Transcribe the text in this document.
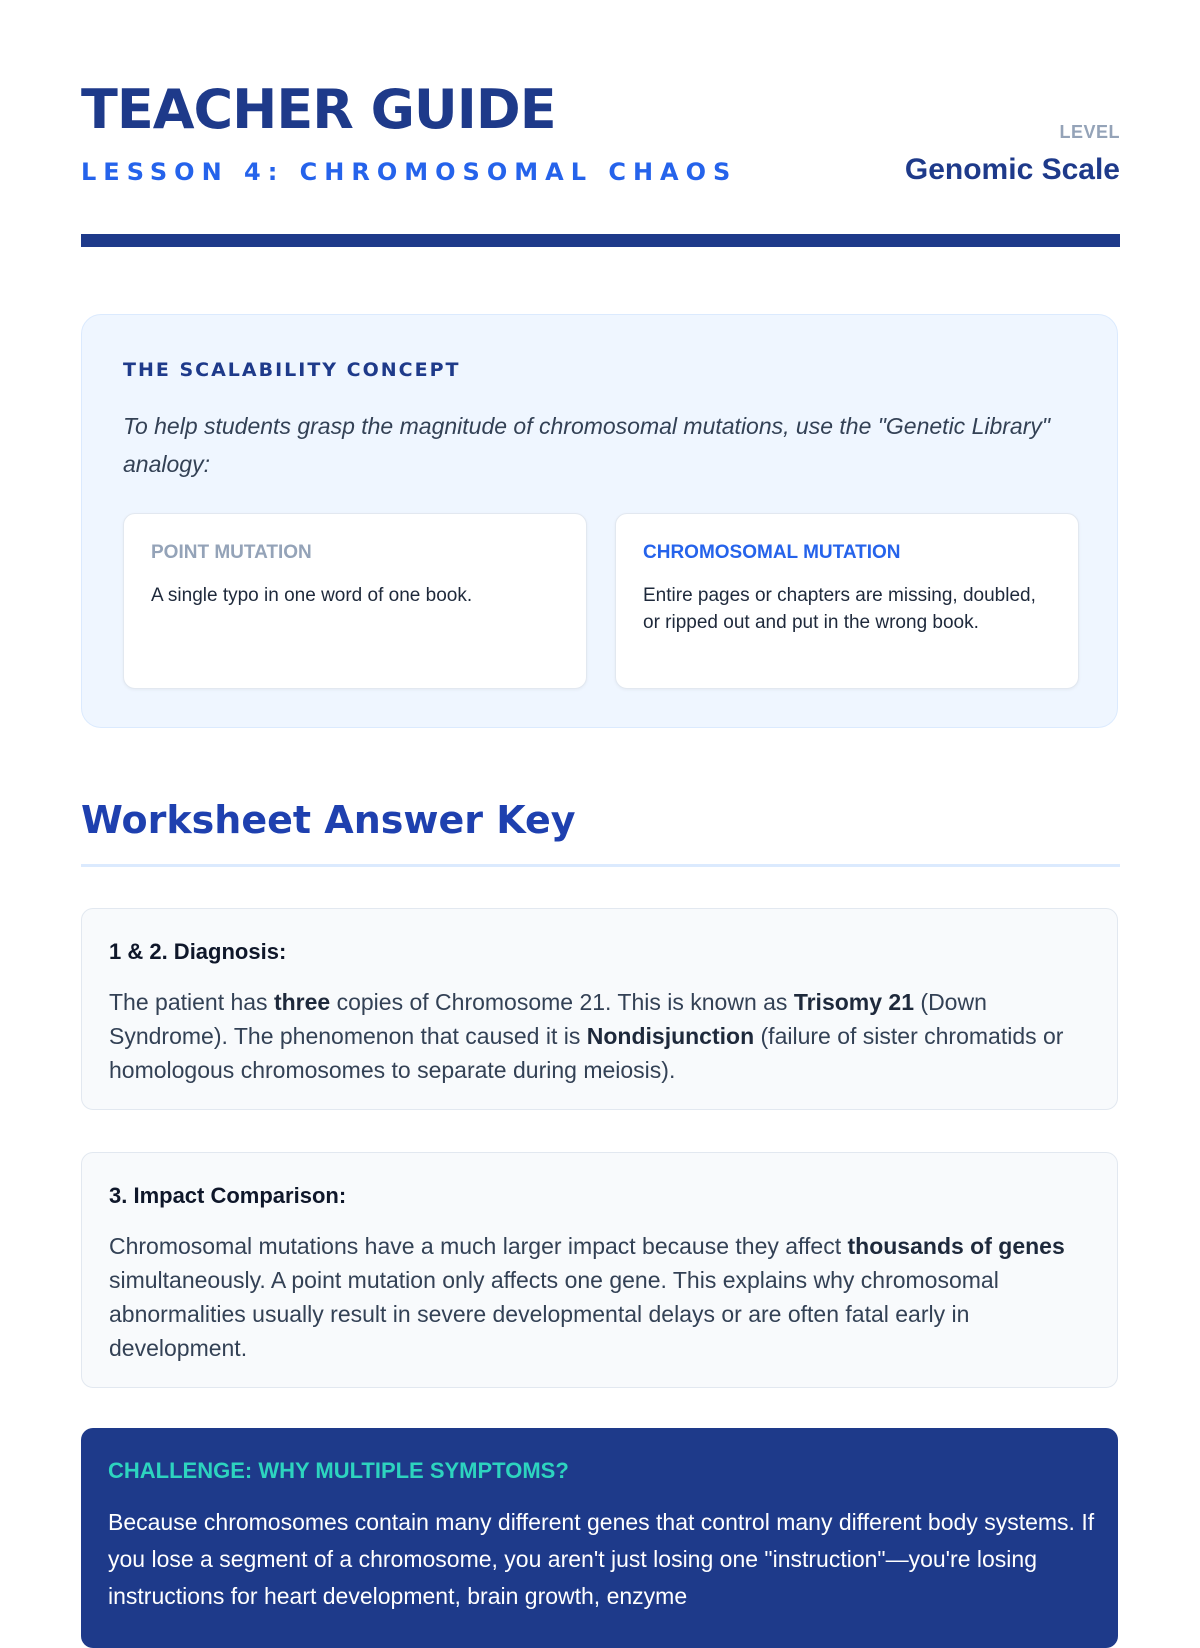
TEACHER GUIDE
LESSON 4: CHROMOSOMAL CHAOS
LEVEL
Genomic Scale
THE SCALABILITY CONCEPT
To help students grasp the magnitude of chromosomal mutations, use the "Genetic Library" analogy:
POINT MUTATION
A single typo in one word of one book.
CHROMOSOMAL MUTATION
Entire pages or chapters are missing, doubled, or ripped out and put in the wrong book.
Worksheet Answer Key
1 & 2. Diagnosis:
The patient has three copies of Chromosome 21. This is known as Trisomy 21 (Down Syndrome). The phenomenon that caused it is Nondisjunction (failure of sister chromatids or homologous chromosomes to separate during meiosis).
3. Impact Comparison:
Chromosomal mutations have a much larger impact because they affect thousands of genes simultaneously. A point mutation only affects one gene. This explains why chromosomal abnormalities usually result in severe developmental delays or are often fatal early in development.
CHALLENGE: WHY MULTIPLE SYMPTOMS?
Because chromosomes contain many different genes that control many different body systems. If you lose a segment of a chromosome, you aren't just losing one "instruction"—you're losing instructions for heart development, brain growth, enzyme
